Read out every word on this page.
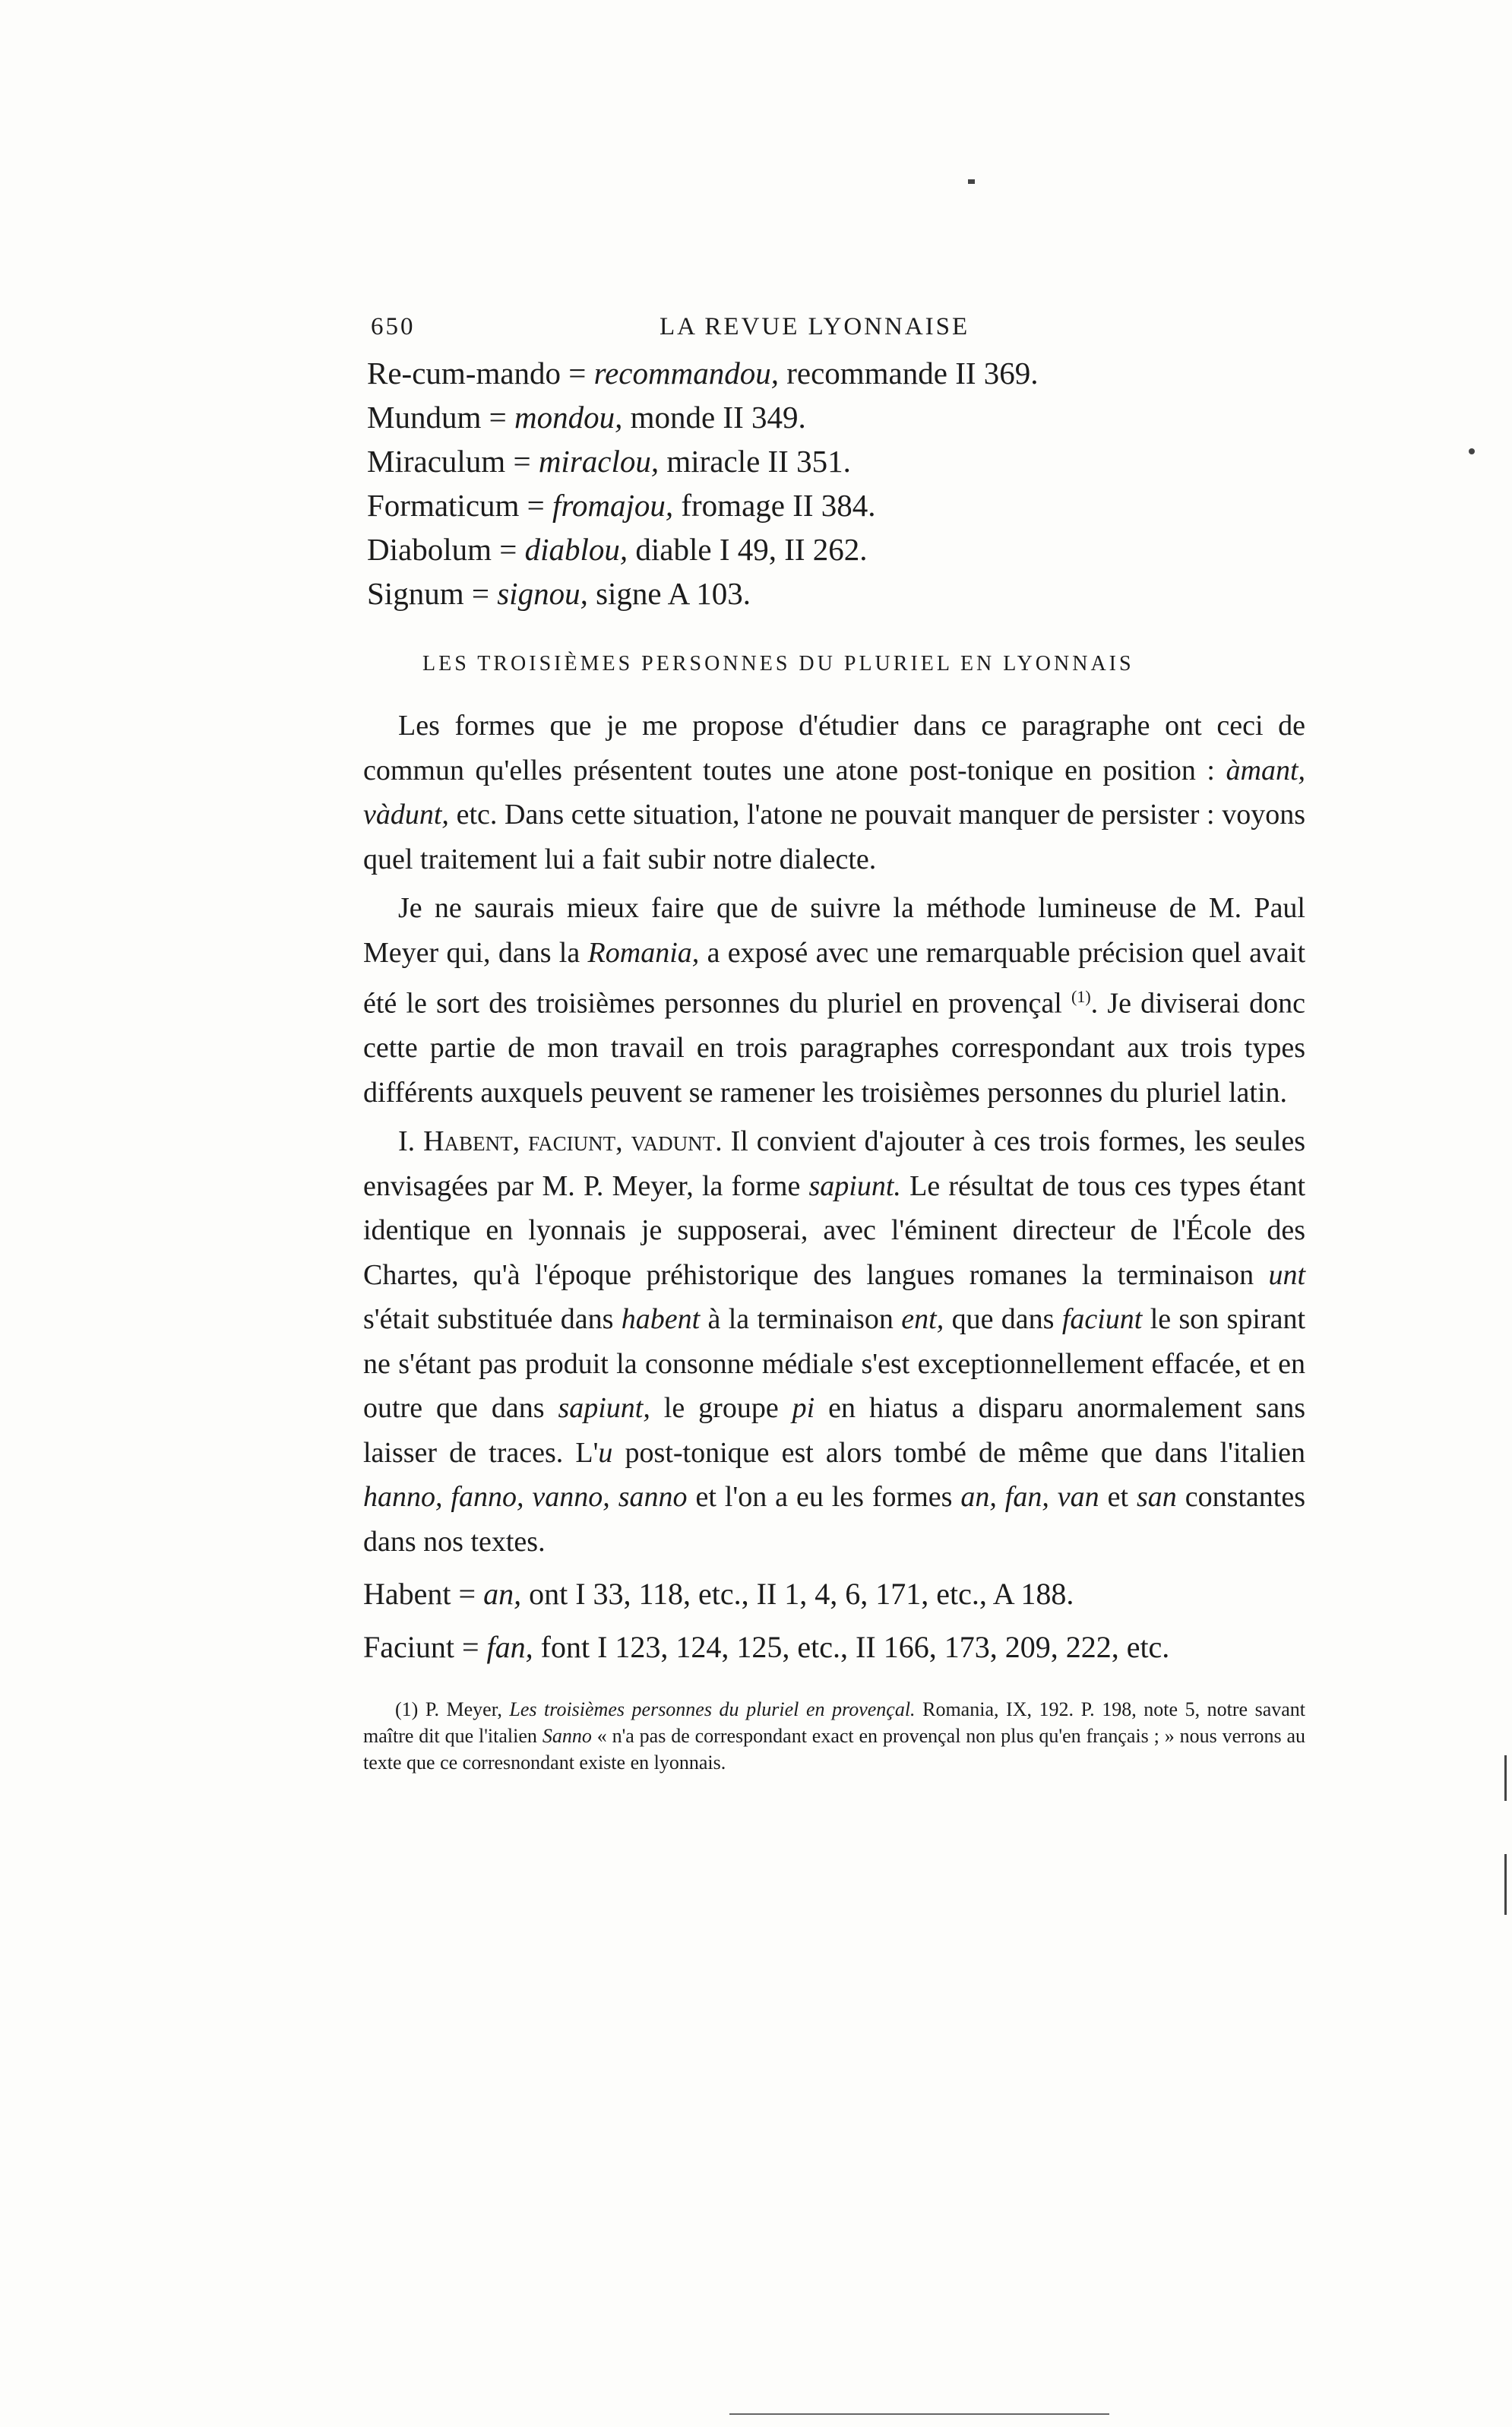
650	LA REVUE LYONNAISE
Re-cum-mando = recommandou, recommande II 369.
Mundum = mondou, monde II 349.
Miraculum = miraclou, miracle II 351.
Formaticum = fromajou, fromage II 384.
Diabolum = diablou, diable I 49, II 262.
Signum = signou, signe A 103.
LES TROISIÈMES PERSONNES DU PLURIEL EN LYONNAIS

Les formes que je me propose d'étudier dans ce paragraphe ont ceci de commun qu'elles présentent toutes une atone post-tonique en position : àmant, vàdunt, etc. Dans cette situation, l'atone ne pouvait manquer de persister : voyons quel traitement lui a fait subir notre dialecte.

Je ne saurais mieux faire que de suivre la méthode lumineuse de M. Paul Meyer qui, dans la Romania, a exposé avec une remarquable précision quel avait été le sort des troisièmes personnes du pluriel en provençal $^{(1)}$. Je diviserai donc cette partie de mon travail en trois paragraphes correspondant aux trois types différents auxquels peuvent se ramener les troisièmes personnes du pluriel latin.

I. Habent, faciunt, vadunt. Il convient d'ajouter à ces trois formes, les seules envisagées par M. P. Meyer, la forme sapiunt. Le résultat de tous ces types étant identique en lyonnais je supposerai, avec l'éminent directeur de l'École des Chartes, qu'à l'époque préhistorique des langues romanes la terminaison unt s'était substituée dans habent à la terminaison ent, que dans faciunt le son spirant ne s'étant pas produit la consonne médiale s'est exceptionnellement effacée, et en outre que dans sapiunt, le groupe pi en hiatus a disparu anormalement sans laisser de traces. L'u post-tonique est alors tombé de même que dans l'italien hanno, fanno, vanno, sanno et l'on a eu les formes an, fan, van et san constantes dans nos textes.

Habent = an, ont I 33, 118, etc., II 1, 4, 6, 171, etc., A 188.
Faciunt = fan, font I 123, 124, 125, etc., II 166, 173, 209, 222, etc.

(1) P. Meyer, Les troisièmes personnes du pluriel en provençal. Romania, IX, 192. P. 198, note 5, notre savant maître dit que l'italien Sanno « n'a pas de correspondant exact en provençal non plus qu'en français ; » nous verrons au texte que ce corresnondant existe en lyonnais.
